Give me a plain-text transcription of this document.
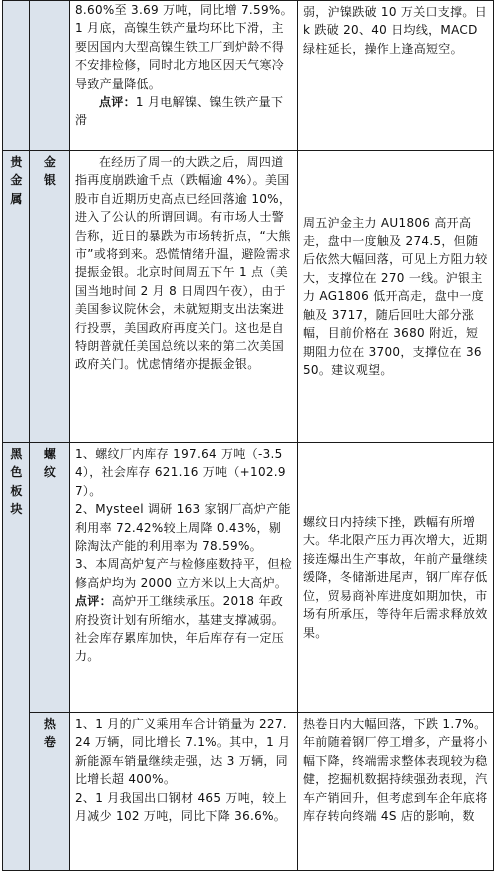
		8.60%至 3.69 万吨，同比增 7.59%。1 月底，高镍生铁产量均环比下滑，主要因国内大型高镍生铁工厂到炉龄不得不安排检修，同时北方地区因天气寒冷导致产量降低。

点评：1 月电解镍、镍生铁产量下滑	弱，沪镍跌破 10 万关口支撑。日 k 跌破 20、40 日均线，MACD 绿柱延长，操作上逢高短空。

贵金属	金银	在经历了周一的大跌之后，周四道指再度崩跌逾千点（跌幅逾 4%）。美国股市自近期历史高点已经回落逾 10%，进入了公认的所谓回调。有市场人士警告称，近日的暴跌为市场转折点，“大熊市”或将到来。恐慌情绪升温，避险需求提振金银。北京时间周五下午 1 点（美国当地时间 2 月 8 日周四午夜），由于美国参议院休会，未就短期支出法案进行投票，美国政府再度关门。这也是自特朗普就任美国总统以来的第二次美国政府关门。忧虑情绪亦提振金银。	周五沪金主力 AU1806 高开高走，盘中一度触及 274.5，但随后依然大幅回落，可见上方阻力较大，支撑位在 270 一线。沪银主力 AG1806 低开高走，盘中一度触及 3717，随后回吐大部分涨幅，目前价格在 3680 附近，短期阻力位在 3700，支撑位在 3650。建议观望。

黑色板块	螺纹	1、螺纹厂内库存 197.64 万吨（-3.54），社会库存 621.16 万吨（+102.97）。

2、Mysteel 调研 163 家钢厂高炉产能利用率 72.42%较上周降 0.43%，剔除淘汰产能的利用率为 78.59%。

3、本周高炉复产与检修座数持平，但检修高炉均为 2000 立方米以上大高炉。

点评：高炉开工继续承压。2018 年政府投资计划有所缩水，基建支撑减弱。社会库存累库加快，年后库存有一定压力。	螺纹日内持续下挫，跌幅有所增大。华北限产压力再次增大，近期接连爆出生产事故，年前产量继续缓降，冬储渐进尾声，钢厂库存低位，贸易商补库进度如期加快，市场有所承压，等待年后需求释放效果。

	热卷	1、1 月的广义乘用车合计销量为 227.24 万辆，同比增长 7.1%。其中，1 月新能源车销量继续走强，达 3 万辆，同比增长超 400%。

2、1 月我国出口钢材 465 万吨，较上月减少 102 万吨，同比下降 36.6%。	热卷日内大幅回落，下跌 1.7%。年前随着钢厂停工增多，产量将小幅下降，终端需求整体表现较为稳健，挖掘机数据持续强劲表现，汽车产销回升，但考虑到车企年底将库存转向终端 4S 店的影响，数
